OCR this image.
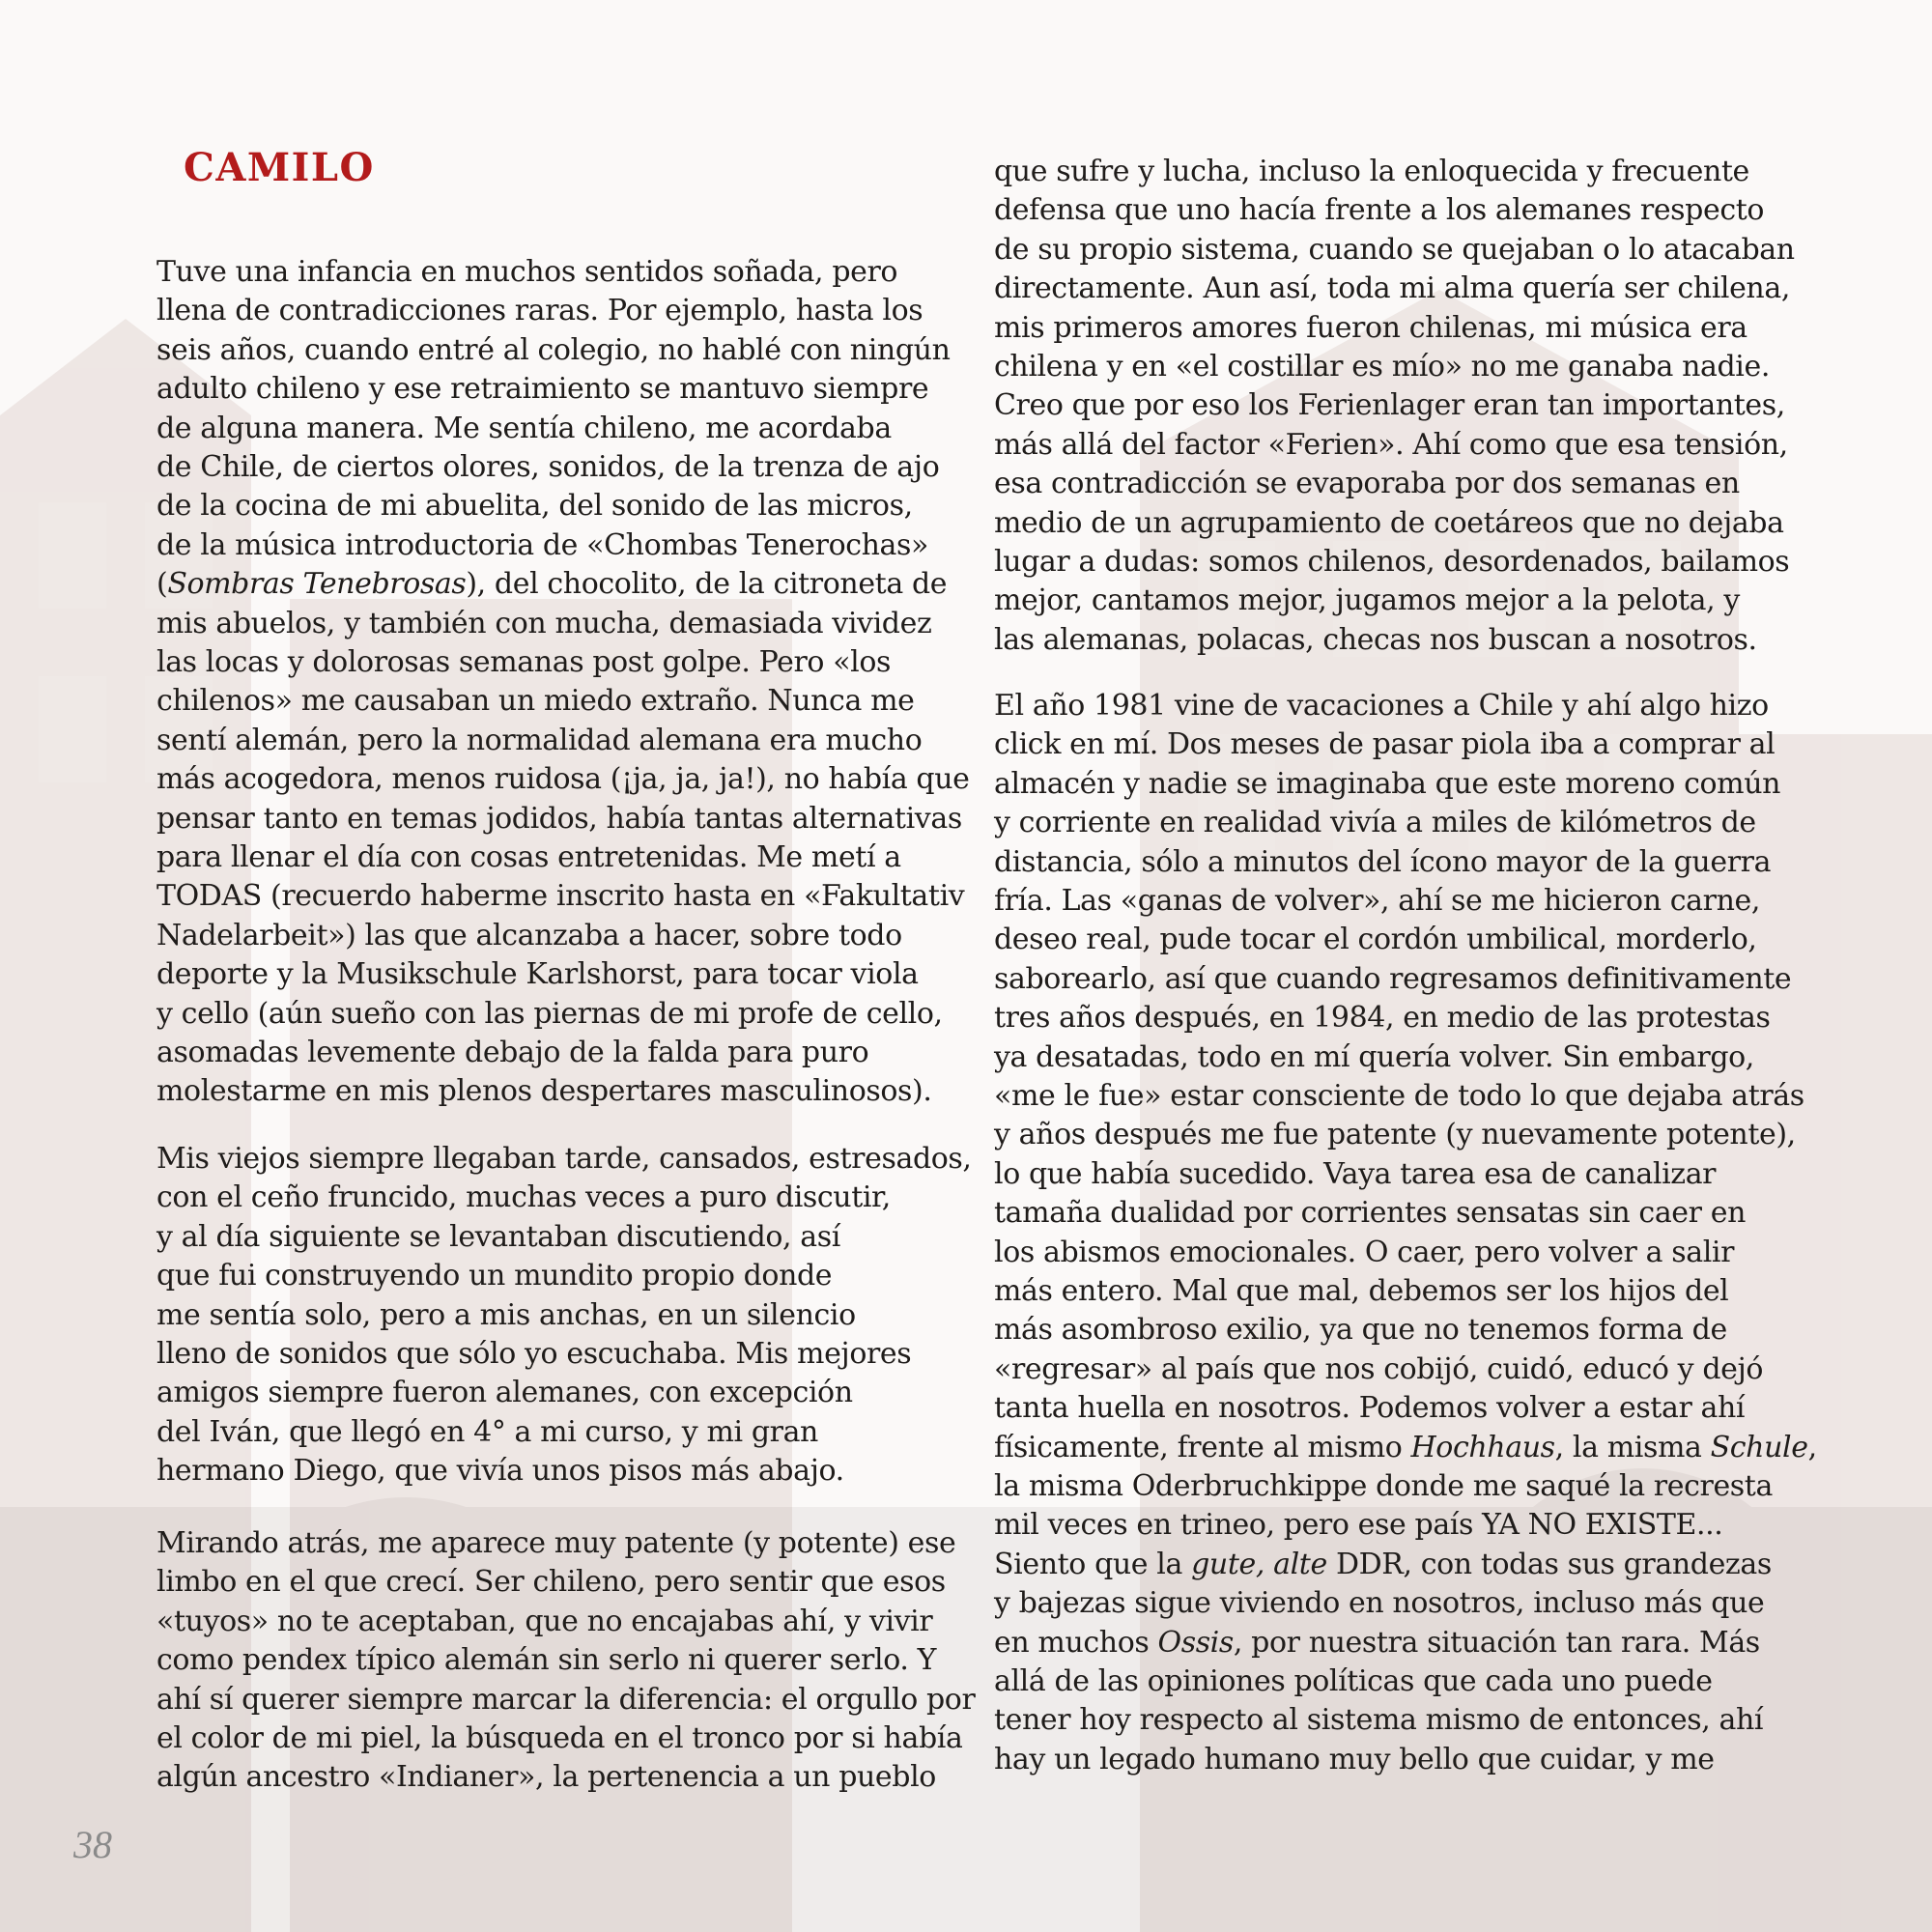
CAMILO
Tuve una infancia en muchos sentidos soñada, pero
llena de contradicciones raras. Por ejemplo, hasta los
seis años, cuando entré al colegio, no hablé con ningún
adulto chileno y ese retraimiento se mantuvo siempre
de alguna manera. Me sentía chileno, me acordaba
de Chile, de ciertos olores, sonidos, de la trenza de ajo
de la cocina de mi abuelita, del sonido de las micros,
de la música introductoria de «Chombas Tenerochas»
(Sombras Tenebrosas), del chocolito, de la citroneta de
mis abuelos, y también con mucha, demasiada vividez
las locas y dolorosas semanas post golpe. Pero «los
chilenos» me causaban un miedo extraño. Nunca me
sentí alemán, pero la normalidad alemana era mucho
más acogedora, menos ruidosa (¡ja, ja, ja!), no había que
pensar tanto en temas jodidos, había tantas alternativas
para llenar el día con cosas entretenidas. Me metí a
TODAS (recuerdo haberme inscrito hasta en «Fakultativ
Nadelarbeit») las que alcanzaba a hacer, sobre todo
deporte y la Musikschule Karlshorst, para tocar viola
y cello (aún sueño con las piernas de mi profe de cello,
asomadas levemente debajo de la falda para puro
molestarme en mis plenos despertares masculinosos).
Mis viejos siempre llegaban tarde, cansados, estresados,
con el ceño fruncido, muchas veces a puro discutir,
y al día siguiente se levantaban discutiendo, así
que fui construyendo un mundito propio donde
me sentía solo, pero a mis anchas, en un silencio
lleno de sonidos que sólo yo escuchaba. Mis mejores
amigos siempre fueron alemanes, con excepción
del Iván, que llegó en 4° a mi curso, y mi gran
hermano Diego, que vivía unos pisos más abajo.
Mirando atrás, me aparece muy patente (y potente) ese
limbo en el que crecí. Ser chileno, pero sentir que esos
«tuyos» no te aceptaban, que no encajabas ahí, y vivir
como pendex típico alemán sin serlo ni querer serlo. Y
ahí sí querer siempre marcar la diferencia: el orgullo por
el color de mi piel, la búsqueda en el tronco por si había
algún ancestro «Indianer», la pertenencia a un pueblo
que sufre y lucha, incluso la enloquecida y frecuente
defensa que uno hacía frente a los alemanes respecto
de su propio sistema, cuando se quejaban o lo atacaban
directamente. Aun así, toda mi alma quería ser chilena,
mis primeros amores fueron chilenas, mi música era
chilena y en «el costillar es mío» no me ganaba nadie.
Creo que por eso los Ferienlager eran tan importantes,
más allá del factor «Ferien». Ahí como que esa tensión,
esa contradicción se evaporaba por dos semanas en
medio de un agrupamiento de coetáreos que no dejaba
lugar a dudas: somos chilenos, desordenados, bailamos
mejor, cantamos mejor, jugamos mejor a la pelota, y
las alemanas, polacas, checas nos buscan a nosotros.
El año 1981 vine de vacaciones a Chile y ahí algo hizo
click en mí. Dos meses de pasar piola iba a comprar al
almacén y nadie se imaginaba que este moreno común
y corriente en realidad vivía a miles de kilómetros de
distancia, sólo a minutos del ícono mayor de la guerra
fría. Las «ganas de volver», ahí se me hicieron carne,
deseo real, pude tocar el cordón umbilical, morderlo,
saborearlo, así que cuando regresamos definitivamente
tres años después, en 1984, en medio de las protestas
ya desatadas, todo en mí quería volver. Sin embargo,
«me le fue» estar consciente de todo lo que dejaba atrás
y años después me fue patente (y nuevamente potente),
lo que había sucedido. Vaya tarea esa de canalizar
tamaña dualidad por corrientes sensatas sin caer en
los abismos emocionales. O caer, pero volver a salir
más entero. Mal que mal, debemos ser los hijos del
más asombroso exilio, ya que no tenemos forma de
«regresar» al país que nos cobijó, cuidó, educó y dejó
tanta huella en nosotros. Podemos volver a estar ahí
físicamente, frente al mismo Hochhaus, la misma Schule,
la misma Oderbruchkippe donde me saqué la recresta
mil veces en trineo, pero ese país YA NO EXISTE...
Siento que la gute, alte DDR, con todas sus grandezas
y bajezas sigue viviendo en nosotros, incluso más que
en muchos Ossis, por nuestra situación tan rara. Más
allá de las opiniones políticas que cada uno puede
tener hoy respecto al sistema mismo de entonces, ahí
hay un legado humano muy bello que cuidar, y me
38
